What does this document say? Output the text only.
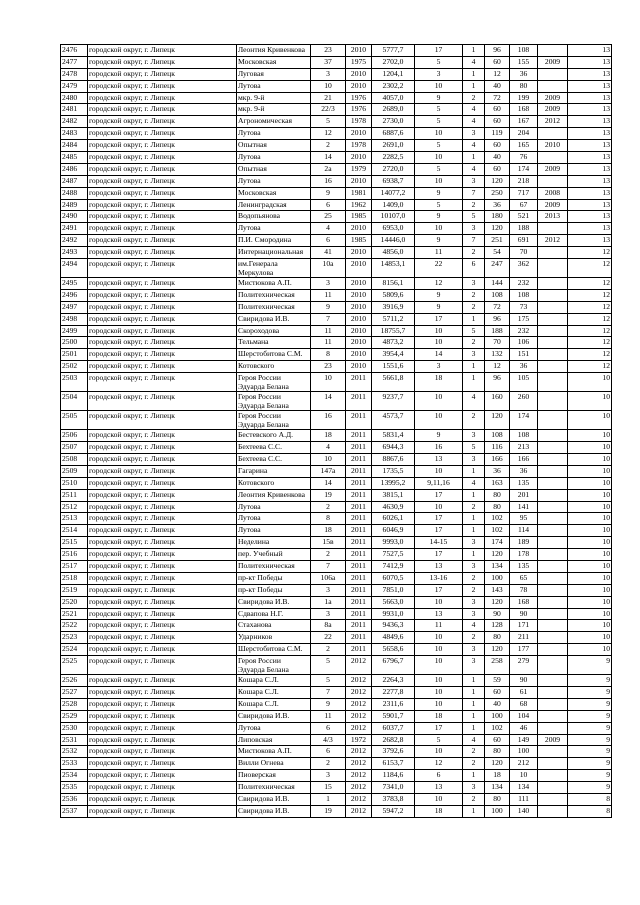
2476	городской округ, г. Липецк	Леонтия Кривенкова	23	2010	5777,7	17	1	96	108		13
2477	городской округ, г. Липецк	Московская	37	1975	2702,0	5	4	60	155	2009	13
2478	городской округ, г. Липецк	Луговая	3	2010	1204,1	3	1	12	36		13
2479	городской округ, г. Липецк	Лутова	10	2010	2302,2	10	1	40	80		13
2480	городской округ, г. Липецк	мкр. 9-й	21	1976	4057,0	9	2	72	199	2009	13
2481	городской округ, г. Липецк	мкр. 9-й	22/3	1976	2689,0	5	4	60	168	2009	13
2482	городской округ, г. Липецк	Агрономическая	5	1978	2730,0	5	4	60	167	2012	13
2483	городской округ, г. Липецк	Лутова	12	2010	6887,6	10	3	119	204		13
2484	городской округ, г. Липецк	Опытная	2	1978	2691,0	5	4	60	165	2010	13
2485	городской округ, г. Липецк	Лутова	14	2010	2282,5	10	1	40	76		13
2486	городской округ, г. Липецк	Опытная	2а	1979	2720,0	5	4	60	174	2009	13
2487	городской округ, г. Липецк	Лутова	16	2010	6938,7	10	3	120	218		13
2488	городской округ, г. Липецк	Московская	9	1981	14077,2	9	7	250	717	2008	13
2489	городской округ, г. Липецк	Ленинградская	6	1962	1409,0	5	2	36	67	2009	13
2490	городской округ, г. Липецк	Водопьянова	25	1985	10107,0	9	5	180	521	2013	13
2491	городской округ, г. Липецк	Лутова	4	2010	6953,0	10	3	120	188		13
2492	городской округ, г. Липецк	П.И. Смородина	6	1985	14446,0	9	7	251	691	2012	13
2493	городской округ, г. Липецк	Интернациональная	41	2010	4856,0	11	2	54	70		12
2494	городской округ, г. Липецк	им.Генерала Меркулова	10а	2010	14853,1	22	6	247	362		12
2495	городской округ, г. Липецк	Мистюкова А.П.	3	2010	8156,1	12	3	144	232		12
2496	городской округ, г. Липецк	Политехническая	11	2010	5809,6	9	2	108	108		12
2497	городской округ, г. Липецк	Политехническая	9	2010	3916,9	9	2	72	73		12
2498	городской округ, г. Липецк	Свиридова И.В.	7	2010	5711,2	17	1	96	175		12
2499	городской округ, г. Липецк	Скороходова	11	2010	18755,7	10	5	188	232		12
2500	городской округ, г. Липецк	Тельмана	11	2010	4873,2	10	2	70	106		12
2501	городской округ, г. Липецк	Шерстобитова С.М.	8	2010	3954,4	14	3	132	151		12
2502	городской округ, г. Липецк	Котовского	23	2010	1551,6	3	1	12	36		12
2503	городской округ, г. Липецк	Героя России Эдуарда Белана	10	2011	5661,8	18	1	96	105		10
2504	городской округ, г. Липецк	Героя России Эдуарда Белана	14	2011	9237,7	10	4	160	260		10
2505	городской округ, г. Липецк	Героя России Эдуарда Белана	16	2011	4573,7	10	2	120	174		10
2506	городской округ, г. Липецк	Бестевского А.Д.	18	2011	5831,4	9	3	108	108		10
2507	городской округ, г. Липецк	Бехтеева С.С.	4	2011	6944,3	16	5	116	213		10
2508	городской округ, г. Липецк	Бехтеева С.С.	10	2011	8867,6	13	3	166	166		10
2509	городской округ, г. Липецк	Гагарина	147а	2011	1735,5	10	1	36	36		10
2510	городской округ, г. Липецк	Котовского	14	2011	13995,2	9,11,16	4	163	135		10
2511	городской округ, г. Липецк	Леонтия Кривенкова	19	2011	3815,1	17	1	80	201		10
2512	городской округ, г. Липецк	Лутова	2	2011	4630,9	10	2	80	141		10
2513	городской округ, г. Липецк	Лутова	8	2011	6026,1	17	1	102	95		10
2514	городской округ, г. Липецк	Лутова	18	2011	6046,9	17	1	102	114		10
2515	городской округ, г. Липецк	Неделина	15в	2011	9993,0	14-15	3	174	189		10
2516	городской округ, г. Липецк	пер. Учебный	2	2011	7527,5	17	1	120	178		10
2517	городской округ, г. Липецк	Политехническая	7	2011	7412,9	13	3	134	135		10
2518	городской округ, г. Липецк	пр-кт Победы	106а	2011	6070,5	13-16	2	100	65		10
2519	городской округ, г. Липецк	пр-кт Победы	3	2011	7851,0	17	2	143	78		10
2520	городской округ, г. Липецк	Свиридова И.В.	1а	2011	5663,0	10	3	120	168		10
2521	городской округ, г. Липецк	Сдвапова Н.Г.	3	2011	9931,0	13	3	90	90		10
2522	городской округ, г. Липецк	Стаханова	8а	2011	9436,3	11	4	128	171		10
2523	городской округ, г. Липецк	Ударников	22	2011	4849,6	10	2	80	211		10
2524	городской округ, г. Липецк	Шерстобитова С.М.	2	2011	5658,6	10	3	120	177		10
2525	городской округ, г. Липецк	Героя России Эдуарда Белана	5	2012	6796,7	10	3	258	279		9
2526	городской округ, г. Липецк	Кошара С.Л.	5	2012	2264,3	10	1	59	90		9
2527	городской округ, г. Липецк	Кошара С.Л.	7	2012	2277,8	10	1	60	61		9
2528	городской округ, г. Липецк	Кошара С.Л.	9	2012	2311,6	10	1	40	68		9
2529	городской округ, г. Липецк	Свиридова И.В.	11	2012	5901,7	18	1	100	104		9
2530	городской округ, г. Липецк	Лутова	6	2012	6037,7	17	1	102	46		9
2531	городской округ, г. Липецк	Липовская	4/3	1972	2682,8	5	4	60	149	2009	9
2532	городской округ, г. Липецк	Мистюкова А.П.	6	2012	3792,6	10	2	80	100		9
2533	городской округ, г. Липецк	Вилли Огнева	2	2012	6153,7	12	2	120	212		9
2534	городской округ, г. Липецк	Пиоверская	3	2012	1184,6	6	1	18	10		9
2535	городской округ, г. Липецк	Политехническая	15	2012	7341,0	13	3	134	134		9
2536	городской округ, г. Липецк	Свиридова И.В.	1	2012	3783,8	10	2	80	111		8
2537	городской округ, г. Липецк	Свиридова И.В.	19	2012	5947,2	18	1	100	140		8
